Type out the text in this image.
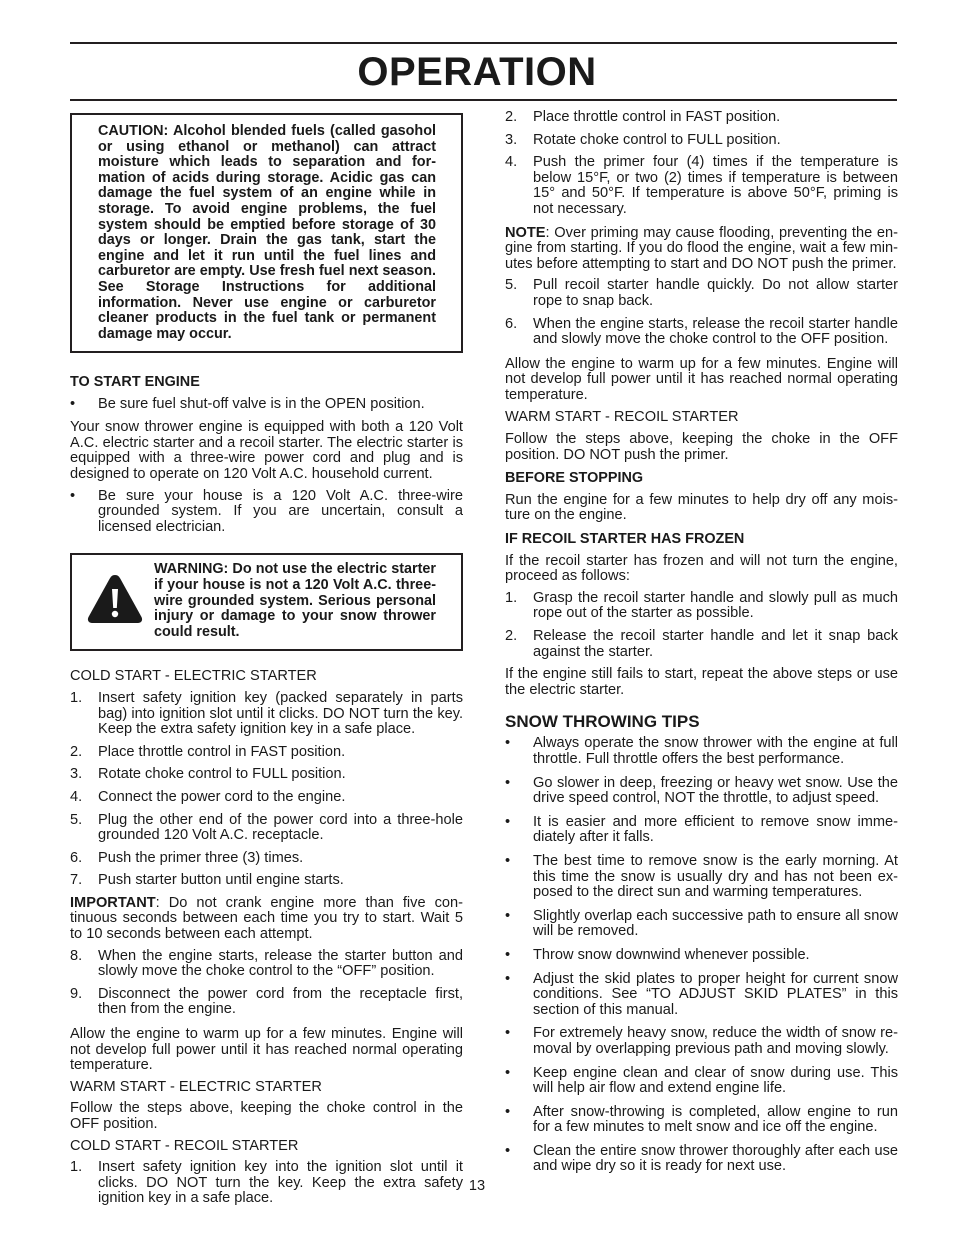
OPERATION

CAUTION: Alcohol blended fuels (called gasohol or using ethanol or methanol) can attract moisture which leads to separation and formation of acids during storage. Acidic gas can damage the fuel system of an engine while in storage. To avoid engine problems, the fuel system should be emptied before storage of 30 days or longer. Drain the gas tank, start the engine and let it run until the fuel lines and carburetor are empty. Use fresh fuel next season. See Storage Instructions for additional information. Never use engine or carburetor cleaner products in the fuel tank or permanent damage may occur.

TO START ENGINE

• Be sure fuel shut-off valve is in the OPEN position.

Your snow thrower engine is equipped with both a 120 Volt A.C. electric starter and a recoil starter. The electric starter is equipped with a three-wire power cord and plug and is designed to operate on 120 Volt A.C. household current.

• Be sure your house is a 120 Volt A.C. three-wire grounded system. If you are uncertain, consult a licensed electrician.

WARNING: Do not use the electric starter if your house is not a 120 Volt A.C. three-wire grounded system. Serious personal injury or damage to your snow thrower could result.

COLD START - ELECTRIC STARTER

1. Insert safety ignition key (packed separately in parts bag) into ignition slot until it clicks. DO NOT turn the key. Keep the extra safety ignition key in a safe place.
2. Place throttle control in FAST position.
3. Rotate choke control to FULL position.
4. Connect the power cord to the engine.
5. Plug the other end of the power cord into a three-hole grounded 120 Volt A.C. receptacle.
6. Push the primer three (3) times.
7. Push starter button until engine starts.

IMPORTANT: Do not crank engine more than five continuous seconds between each time you try to start. Wait 5 to 10 seconds between each attempt.

8. When the engine starts, release the starter button and slowly move the choke control to the “OFF” position.
9. Disconnect the power cord from the receptacle first, then from the engine.

Allow the engine to warm up for a few minutes. Engine will not develop full power until it has reached normal operating temperature.

WARM START - ELECTRIC STARTER

Follow the steps above, keeping the choke control in the OFF position.

COLD START - RECOIL STARTER

1. Insert safety ignition key into the ignition slot until it clicks. DO NOT turn the key. Keep the extra safety ignition key in a safe place.
2. Place throttle control in FAST position.
3. Rotate choke control to FULL position.
4. Push the primer four (4) times if the temperature is below 15°F, or two (2) times if temperature is between 15° and 50°F. If temperature is above 50°F, priming is not necessary.

NOTE: Over priming may cause flooding, preventing the engine from starting. If you do flood the engine, wait a few minutes before attempting to start and DO NOT push the primer.

5. Pull recoil starter handle quickly. Do not allow starter rope to snap back.
6. When the engine starts, release the recoil starter handle and slowly move the choke control to the OFF position.

Allow the engine to warm up for a few minutes. Engine will not develop full power until it has reached normal operating temperature.

WARM START - RECOIL STARTER

Follow the steps above, keeping the choke in the OFF position. DO NOT push the primer.

BEFORE STOPPING

Run the engine for a few minutes to help dry off any moisture on the engine.

IF RECOIL STARTER HAS FROZEN

If the recoil starter has frozen and will not turn the engine, proceed as follows:

1. Grasp the recoil starter handle and slowly pull as much rope out of the starter as possible.
2. Release the recoil starter handle and let it snap back against the starter.

If the engine still fails to start, repeat the above steps or use the electric starter.

SNOW THROWING TIPS

• Always operate the snow thrower with the engine at full throttle. Full throttle offers the best performance.
• Go slower in deep, freezing or heavy wet snow. Use the drive speed control, NOT the throttle, to adjust speed.
• It is easier and more efficient to remove snow immediately after it falls.
• The best time to remove snow is the early morning. At this time the snow is usually dry and has not been exposed to the direct sun and warming temperatures.
• Slightly overlap each successive path to ensure all snow will be removed.
• Throw snow downwind whenever possible.
• Adjust the skid plates to proper height for current snow conditions. See “TO ADJUST SKID PLATES” in this section of this manual.
• For extremely heavy snow, reduce the width of snow removal by overlapping previous path and moving slowly.
• Keep engine clean and clear of snow during use. This will help air flow and extend engine life.
• After snow-throwing is completed, allow engine to run for a few minutes to melt snow and ice off the engine.
• Clean the entire snow thrower thoroughly after each use and wipe dry so it is ready for next use.
13
